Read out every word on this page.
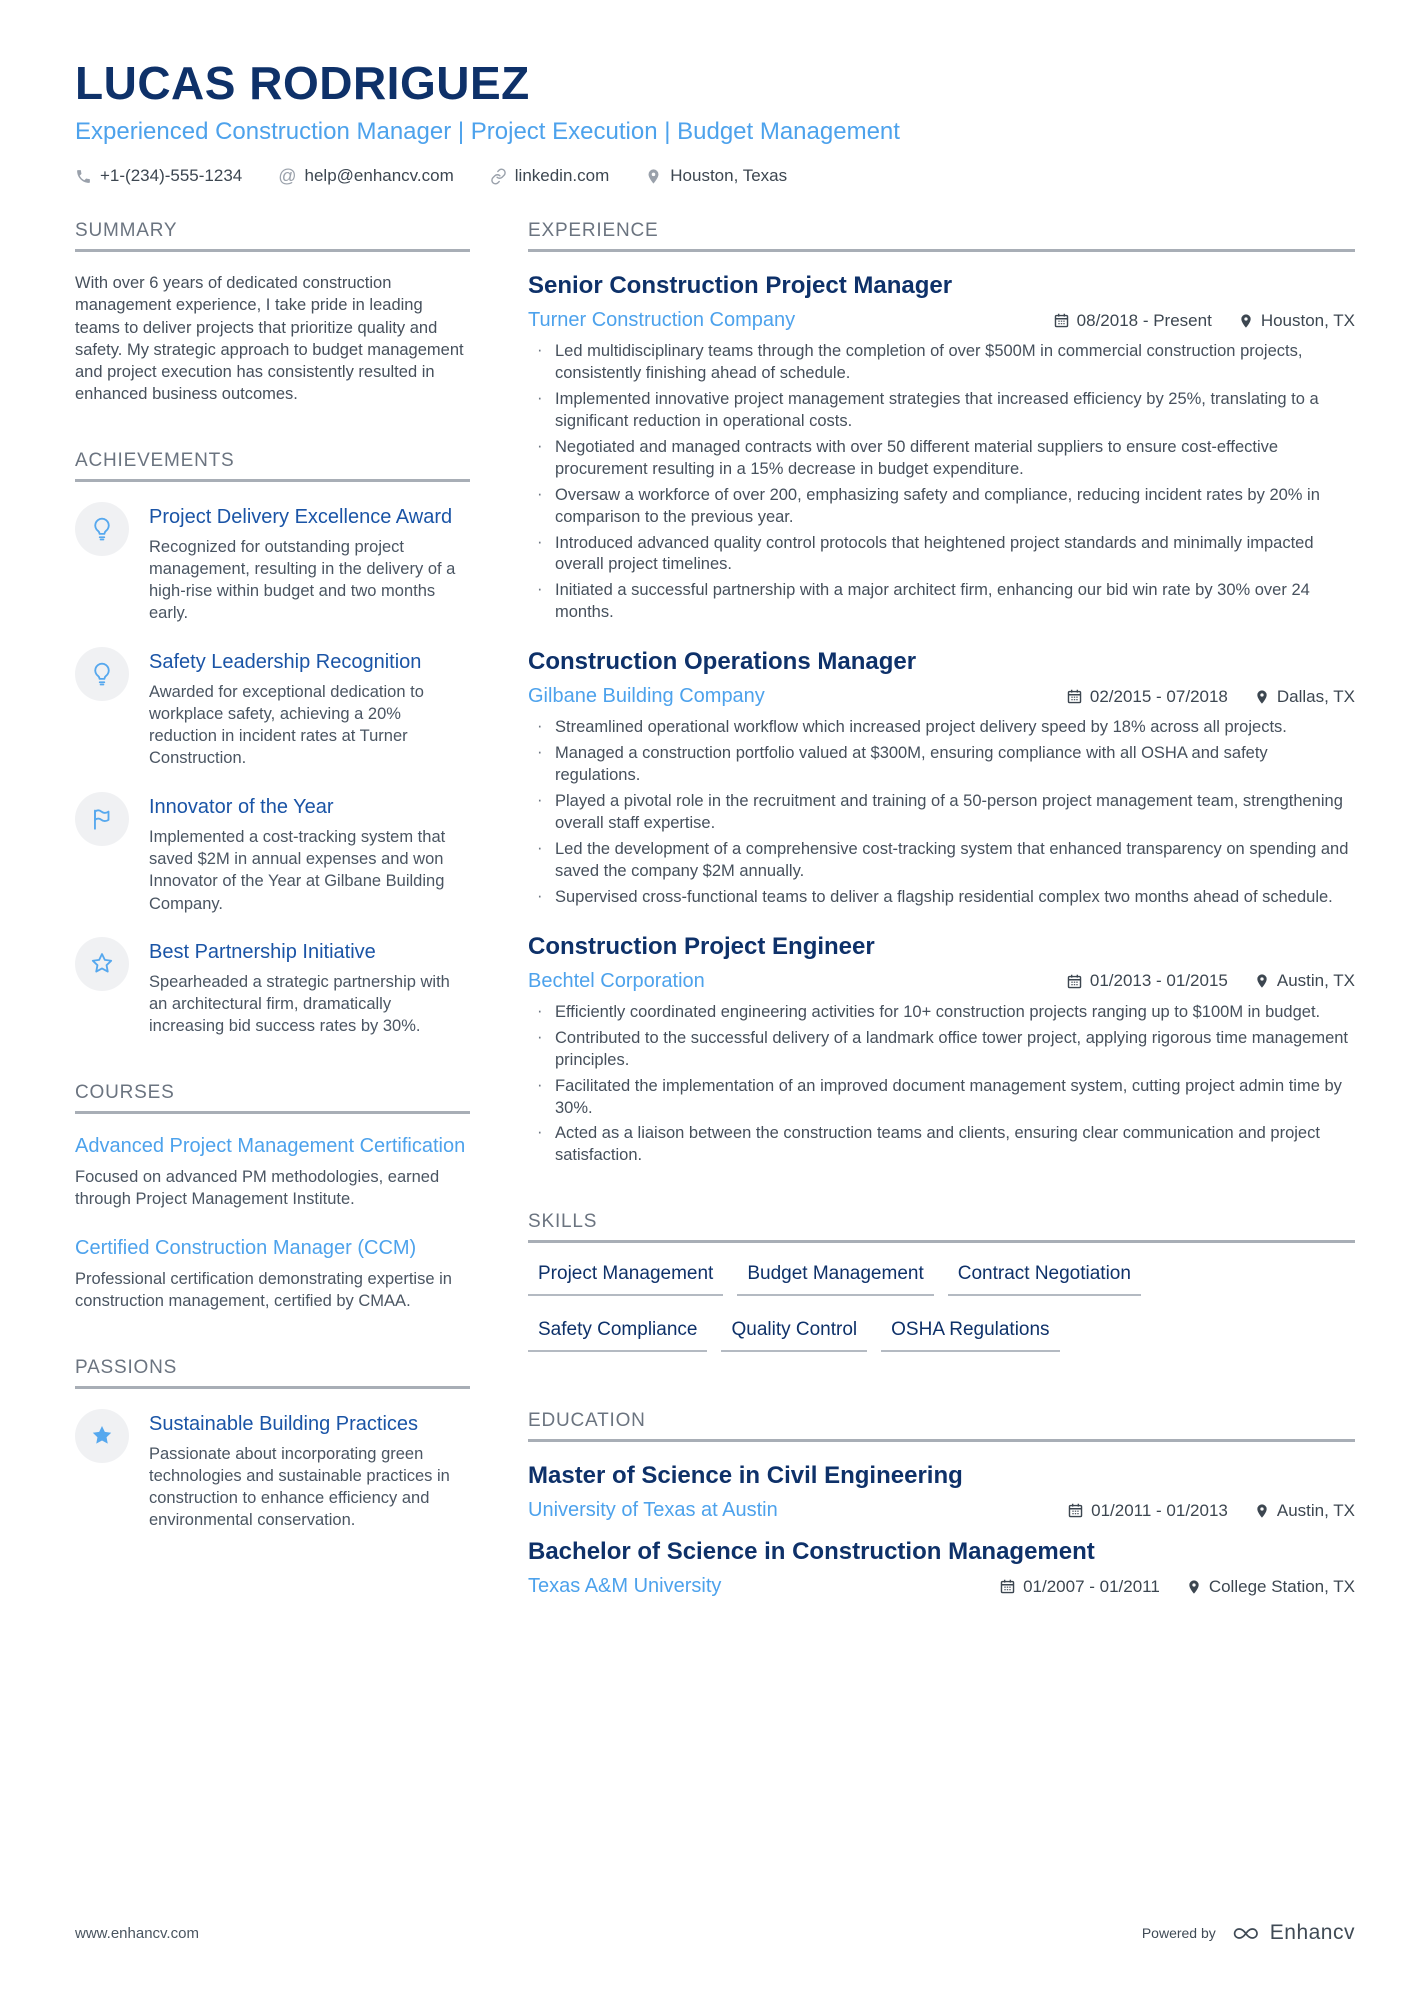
LUCAS RODRIGUEZ
Experienced Construction Manager | Project Execution | Budget Management
+1-(234)-555-1234 @ help@enhancv.com	linkedin.com	Houston, Texas
SUMMARY

With over 6 years of dedicated construction management experience, I take pride in leading teams to deliver projects that prioritize quality and safety. My strategic approach to budget management and project execution has consistently resulted in enhanced business outcomes.

ACHIEVEMENTS
Project Delivery Excellence Award

Recognized for outstanding project management, resulting in the delivery of a high-rise within budget and two months early.

Safety Leadership Recognition

Awarded for exceptional dedication to workplace safety, achieving a 20% reduction in incident rates at Turner Construction.

Innovator of the Year

Implemented a cost-tracking system that saved $2M in annual expenses and won Innovator of the Year at Gilbane Building Company.

Best Partnership Initiative

Spearheaded a strategic partnership with an architectural firm, dramatically increasing bid success rates by 30%.

COURSES
Advanced Project Management Certification

Focused on advanced PM methodologies, earned through Project Management Institute.

Certified Construction Manager (CCM)

Professional certification demonstrating expertise in construction management, certified by CMAA.

PASSIONS
Sustainable Building Practices

Passionate about incorporating green technologies and sustainable practices in construction to enhance efficiency and environmental conservation.

EXPERIENCE
Senior Construction Project Manager
Turner Construction Company	08/2018 - Present	Houston, TX
· Led multidisciplinary teams through the completion of over $500M in commercial construction projects, consistently finishing ahead of schedule.
· Implemented innovative project management strategies that increased efficiency by 25%, translating to a significant reduction in operational costs.
· Negotiated and managed contracts with over 50 different material suppliers to ensure cost-effective procurement resulting in a 15% decrease in budget expenditure.
· Oversaw a workforce of over 200, emphasizing safety and compliance, reducing incident rates by 20% in comparison to the previous year.
· Introduced advanced quality control protocols that heightened project standards and minimally impacted overall project timelines.
· Initiated a successful partnership with a major architect firm, enhancing our bid win rate by 30% over 24 months.
Construction Operations Manager
Gilbane Building Company	02/2015 - 07/2018	Dallas, TX
· Streamlined operational workflow which increased project delivery speed by 18% across all projects.
· Managed a construction portfolio valued at $300M, ensuring compliance with all OSHA and safety regulations.
· Played a pivotal role in the recruitment and training of a 50-person project management team, strengthening overall staff expertise.
· Led the development of a comprehensive cost-tracking system that enhanced transparency on spending and saved the company $2M annually.
· Supervised cross-functional teams to deliver a flagship residential complex two months ahead of schedule.
Construction Project Engineer
Bechtel Corporation	01/2013 - 01/2015	Austin, TX
· Efficiently coordinated engineering activities for 10+ construction projects ranging up to $100M in budget.
· Contributed to the successful delivery of a landmark office tower project, applying rigorous time management principles.
· Facilitated the implementation of an improved document management system, cutting project admin time by 30%.
· Acted as a liaison between the construction teams and clients, ensuring clear communication and project satisfaction.
SKILLS
Project Management	Budget Management	Contract Negotiation
Safety Compliance	Quality Control	OSHA Regulations
EDUCATION
Master of Science in Civil Engineering
University of Texas at Austin	01/2011 - 01/2013	Austin, TX
Bachelor of Science in Construction Management
Texas A&M University	01/2007 - 01/2011	College Station, TX
www.enhancv.com	Powered by	Enhancv
